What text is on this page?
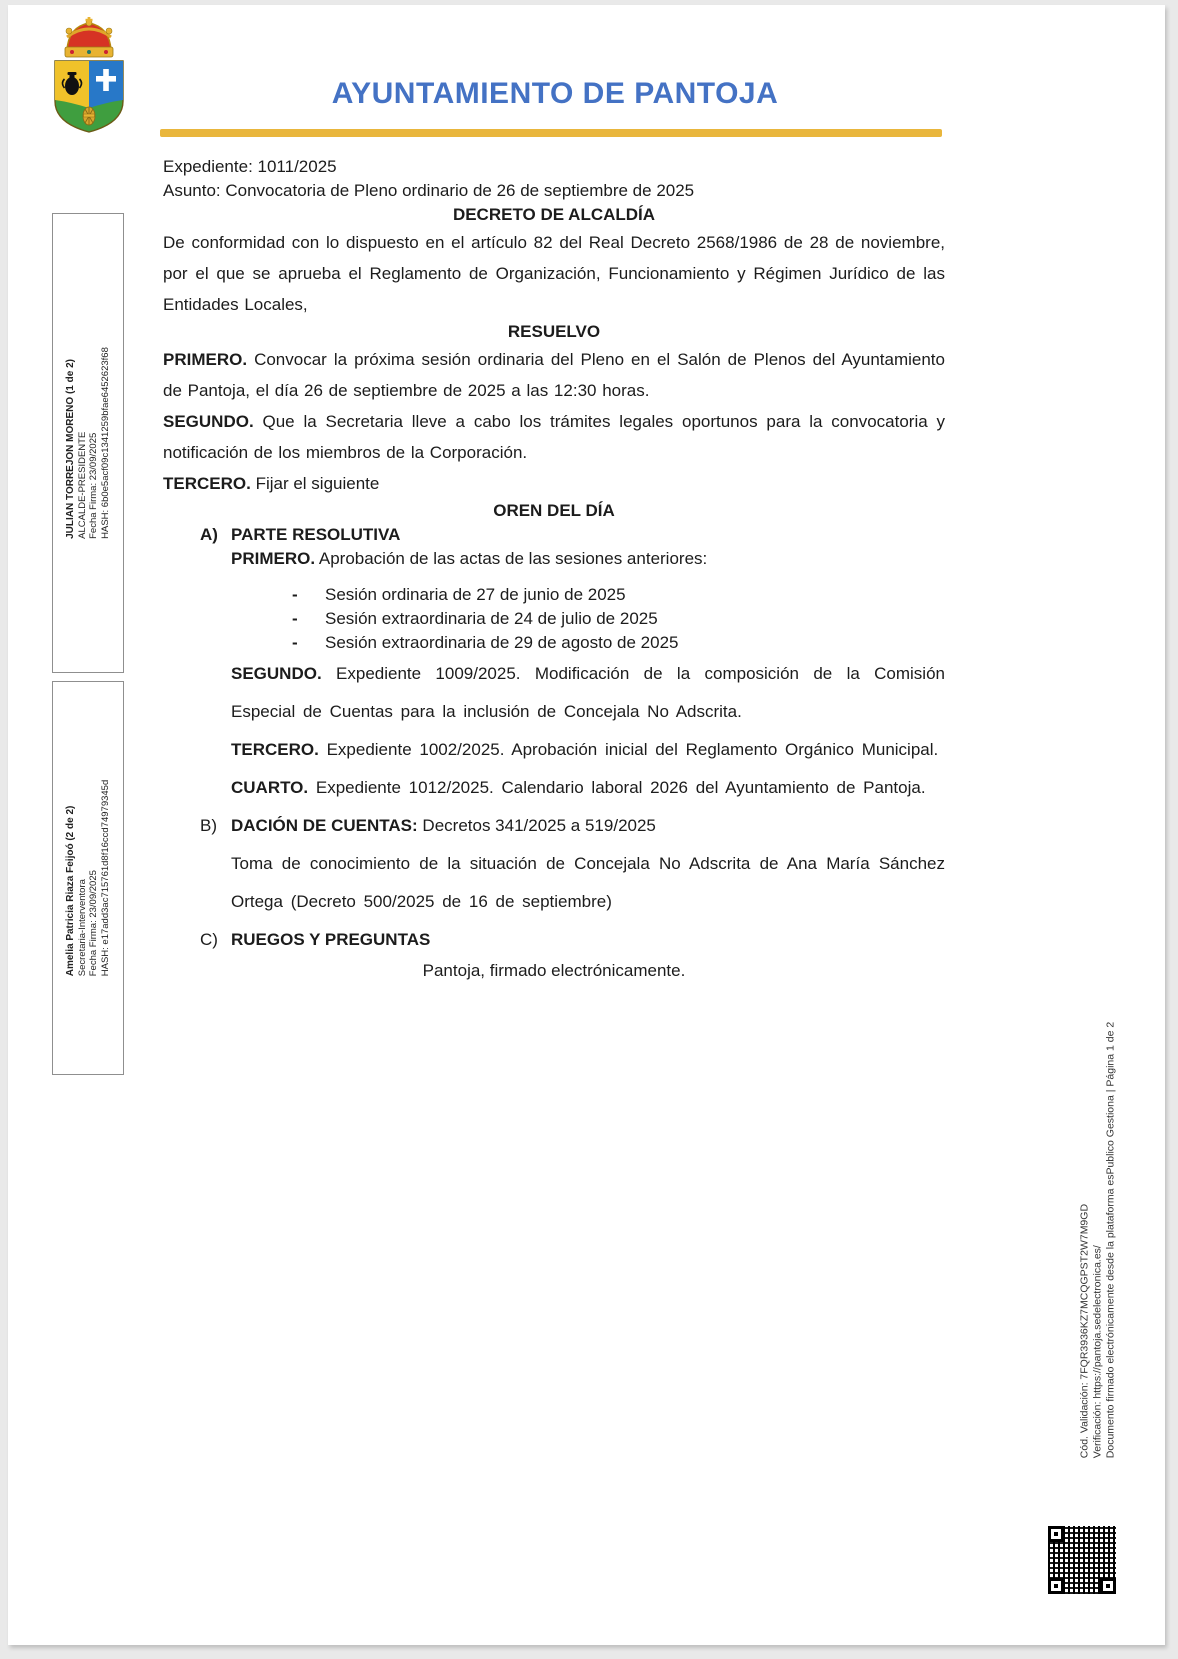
AYUNTAMIENTO DE PANTOJA

Expediente: 1011/2025

Asunto: Convocatoria de Pleno ordinario de 26 de septiembre de 2025

DECRETO DE ALCALDÍA

De conformidad con lo dispuesto en el artículo 82 del Real Decreto 2568/1986 de 28 de noviembre, por el que se aprueba el Reglamento de Organización, Funcionamiento y Régimen Jurídico de las Entidades Locales,

RESUELVO

PRIMERO. Convocar la próxima sesión ordinaria del Pleno en el Salón de Plenos del Ayuntamiento de Pantoja, el día 26 de septiembre de 2025 a las 12:30 horas.

SEGUNDO. Que la Secretaria lleve a cabo los trámites legales oportunos para la convocatoria y notificación de los miembros de la Corporación.

TERCERO. Fijar el siguiente

OREN DEL DÍA

A) PARTE RESOLUTIVA

PRIMERO. Aprobación de las actas de las sesiones anteriores:

- Sesión ordinaria de 27 de junio de 2025

- Sesión extraordinaria de 24 de julio de 2025

- Sesión extraordinaria de 29 de agosto de 2025

SEGUNDO. Expediente 1009/2025. Modificación de la composición de la Comisión Especial de Cuentas para la inclusión de Concejala No Adscrita.

TERCERO. Expediente 1002/2025. Aprobación inicial del Reglamento Orgánico Municipal.

CUARTO. Expediente 1012/2025. Calendario laboral 2026 del Ayuntamiento de Pantoja.

B) DACIÓN DE CUENTAS: Decretos 341/2025 a 519/2025

Toma de conocimiento de la situación de Concejala No Adscrita de Ana María Sánchez Ortega (Decreto 500/2025 de 16 de septiembre)

C) RUEGOS Y PREGUNTAS

Pantoja, firmado electrónicamente.

JULIAN TORREJON MORENO (1 de 2) ALCALDE-PRESIDENTE Fecha Firma: 23/09/2025 HASH: 6b0e5acf09c1341259bfae6452623f68
Amelia Patricia Riaza Feijoó (2 de 2) Secretaria-Interventora Fecha Firma: 23/09/2025 HASH: e17add3ac715761d8f16ccd74979345d
Cód. Validación: 7FQR3936KZ7MCQGPST2W7M9GD Verificación: https://pantoja.sedelectronica.es/ Documento firmado electrónicamente desde la plataforma esPublico Gestiona | Página 1 de 2
